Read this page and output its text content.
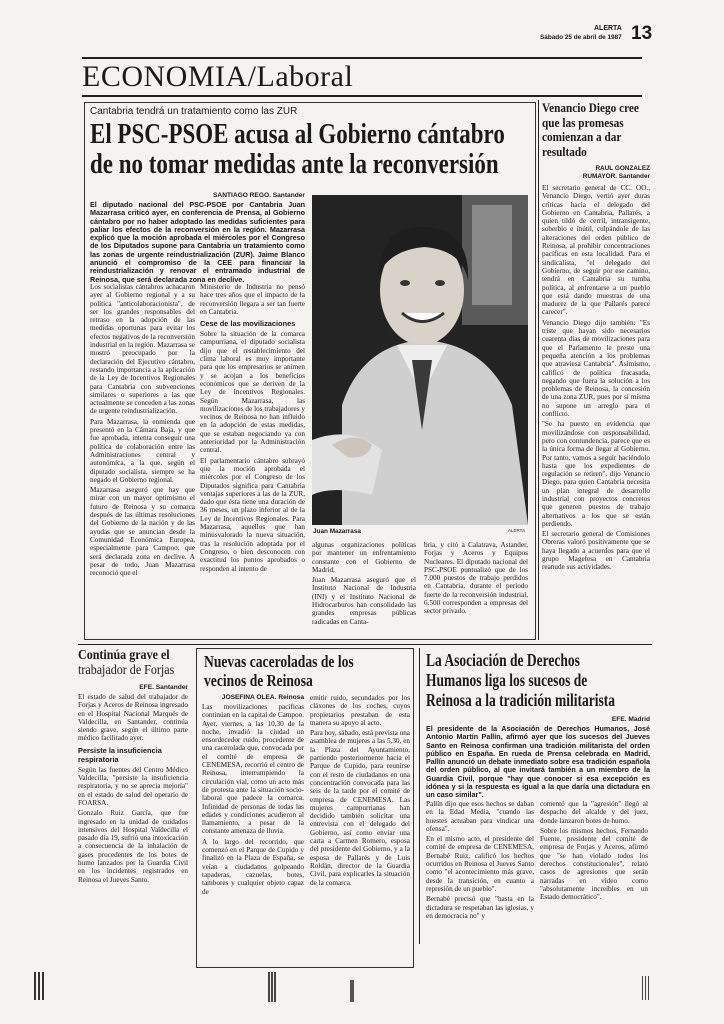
ALERTA
Sábado 25 de abril de 1987 13
ECONOMIA/Laboral
Cantabria tendrá un tratamiento como las ZUR
El PSC-PSOE acusa al Gobierno cántabro
de no tomar medidas ante la reconversión
SANTIAGO REGO. Santander

El diputado nacional del PSC-PSOE por Cantabria Juan Mazarrasa criticó ayer, en conferencia de Prensa, al Gobierno cántabro por no haber adoptado las medidas suficientes para paliar los efectos de la reconversión en la región. Mazarrasa explicó que la moción aprobada el miércoles por el Congreso de los Diputados supone para Cantabria un tratamiento como las zonas de urgente reindustrialización (ZUR). Jaime Blanco anunció el compromiso de la CEE para financiar la reindustrialización y renovar el entramado industrial de Reinosa, que será declarada zona en declive.

Los socialistas cántabros achacaron ayer al Gobierno regional y a su política "anticolaboracionista", de ser los grandes responsables del retraso en la adopción de las medidas oportunas para evitar los efectos negativos de la reconversión industrial en la región. Mazarrasa se mostró preocupado por la declaración del Ejecutivo cántabro, restando importancia a la aplicación de la Ley de Incentivos Regionales para Cantabria con subvenciones similares o superiores a las que actualmente se conceden a las zonas de urgente reindustrialización.

Para Mazarrasa, la enmienda que presentó en la Cámara Baja, y que fue aprobada, intenta conseguir una política de colaboración entre las Administraciones central y autonómica, a la que, según el diputado socialista, siempre se ha negado el Gobierno regional.

Mazarrasa aseguró que hay que mirar con un mayor optimismo el futuro de Reinosa y su comarca después de las últimas resoluciones del Gobierno de la nación y de las ayudas que se anuncian desde la Comunidad Económica Europea, especialmente para Campoo, que será declarada zona en declive. A pesar de todo, Juan Mazarrasa reconoció que el

Ministerio de Industria no pensó hace tres años que el impacto de la reconversión llegara a ser tan fuerte en Cantabria.

Cese de las movilizaciones

Sobre la situación de la comarca campurriana, el diputado socialista dijo que el restablecimiento del clima laboral es muy importante para que los empresarios se animen y se acojan a los beneficios económicos que se deriven de la Ley de Incentivos Regionales. Según Mazarrasa, las movilizaciones de los trabajadores y vecinos de Reinosa no han influido en la adopción de estas medidas, que se estaban negociando ya con anterioridad por la Administración central.

El parlamentario cántabro subrayó que la moción aprobada el miércoles por el Congreso de los Diputados significa para Cantabria ventajas superiores a las de la ZUR, dado que ésta tiene una duración de 36 meses, un plazo inferior al de la Ley de Incentivos Regionales. Para Mazarrasa, aquellos que han minusvalorado la nueva situación, tras la resolución adoptada por el Congreso, o bien desconocen con exactitud los puntos aprobados o responden al intento de

Juan Mazarrasa	ALERTA

algunas organizaciones políticas por mantener un enfrentamiento constante con el Gobierno de Madrid.

Juan Mazarrasa aseguró que el Instituto Nacional de Industria (INI) y el Instituto Nacional de Hidrocarburos han consolidado las grandes empresas públicas radicadas en Canta-

bria, y citó a Calatrava, Astander, Forjas y Aceros y Equipos Nucleares. El diputado nacional del PSC-PSOE puntualizó que de los 7.000 puestos de trabajo perdidos en Cantabria, durante el período fuerte de la reconversión industrial, 6.500 corresponden a empresas del sector privado.

Venancio Diego cree que las promesas comienzan a dar resultado
RAUL GONZALEZ
RUMAYOR. Santander

El secretario general de CC. OO., Venancio Diego, vertió ayer duras críticas hacia el delegado del Gobierno en Cantabria, Pallarés, a quien tildó de cerril, intransigente, soberbio e inútil, culpándole de las alteraciones del orden público de Reinosa, al prohibir concentraciones pacíficas en esta localidad. Para el sindicalista, "el delegado del Gobierno, de seguir por ese camino, tendrá en Cantabria su tumba política, al enfrentarse a un pueblo que está dando muestras de una madurez de la que Pallarés parece carecer".

Venancio Diego dijo también: "Es triste que hayan sido necesarios cuarenta días de movilizaciones para que el Parlamento le preste una pequeña atención a los problemas que atraviesa Cantabria". Asimismo, calificó de política fracasada, negando que fuera la solución a los problemas de Reinosa, la concesión de una zona ZUR, pues por sí misma no supone un arreglo para el conflicto.

"Se ha puesto en evidencia que movilizándose con responsabilidad, pero con contundencia, parece que es la única forma de llegar al Gobierno. Por tanto, vamos a seguir haciéndolo hasta que los expedientes de regulación se retiren", dijo Venancio Diego, para quien Cantabria necesita un plan integral de desarrollo industrial con proyectos concretos que generen puestos de trabajo alternativos a los que se están perdiendo.

El secretario general de Comisiones Obreras valoró positivamente que se haya llegado a acuerdos para que el grupo Magefesa en Cantabria reanude sus actividades.

Continúa grave el
trabajador de Forjas
EFE. Santander

El estado de salud del trabajador de Forjas y Aceros de Reinosa ingresado en el Hospital Nacional Marqués de Valdecilla, en Santander, continúa siendo grave, según el último parte médico facilitado ayer.

Persiste la insuficiencia respiratoria

Según las fuentes del Centro Médico Valdecilla, "persiste la insuficiencia respiratoria, y no se aprecia mejoría" en el estado de salud del operario de FOARSA.

Gonzalo Ruiz García, que fue ingresado en la unidad de cuidados intensivos del Hospital Valdecilla el pasado día 19, sufrió una intoxicación a consecuencia de la inhalación de gases procedentes de los botes de humo lanzados por la Guardia Civil en los incidentes registrados en Reinosa el Jueves Santo.

Nuevas caceroladas de los
vecinos de Reinosa
JOSEFINA OLEA. Reinosa

Las movilizaciones pacíficas continúan en la capital de Campoo. Ayer, viernes, a las 10,30 de la noche, invadió la ciudad un ensordecedor ruido, procedente de una cacerolada que, convocada por el comité de empresa de CENEMESA, recorrió el centro de Reinosa, interrumpiendo la circulación vial, como un acto más de protesta ante la situación socio-laboral que padece la comarca. Infinidad de personas de todas las edades y condiciones acudieron al llamamiento, a pesar de la constante amenaza de lluvia.

A lo largo del recorrido, que comenzó en el Parque de Cupido y finalizó en la Plaza de España, se veían a ciudadanos golpeando tapaderas, cazuelas, botes, tambores y cualquier objeto capaz de

emitir ruido, secundados por los cláxones de los coches, cuyos propietarios prestaban de esta manera su apoyo al acto.

Para hoy, sábado, está prevista una asamblea de mujeres a las 5,30, en la Plaza del Ayuntamiento, partiendo posteriormente hacia el Parque de Cupido, para reunirse con el resto de ciudadanos en una concentración convocada para las seis de la tarde por el comité de empresa de CENEMESA. Las mujeres campurrianas han decidido también solicitar una entrevista con el delegado del Gobierno, así como enviar una carta a Carmen Romero, esposa del presidente del Gobierno, y a la esposa de Pallarés y de Luis Roldán, director de la Guardia Civil, para explicarles la situación de la comarca.

La Asociación de Derechos
Humanos liga los sucesos de
Reinosa a la tradición militarista
EFE. Madrid

El presidente de la Asociación de Derechos Humanos, José Antonio Martín Pallín, afirmó ayer que los sucesos del Jueves Santo en Reinosa confirman una tradición militarista del orden público en España. En rueda de Prensa celebrada en Madrid, Pallín anunció un debate inmediato sobre esa tradición española del orden público, al que invitará también a un miembro de la Guardia Civil, porque "hay que conocer si esa excepción es idónea y si la respuesta es igual a la que daría una dictadura en un caso similar".

Pallín dijo que esos hechos se daban en la Edad Media, "cuando las huestes actuaban para vindicar una ofensa".

En el mismo acto, el presidente del comité de empresa de CENEMESA, Bernabé Ruiz, calificó los hechos ocurridos en Reinosa el Jueves Santo como "el acontecimiento más grave, desde la transición, en cuanto a represión de un pueblo".

Bernabé precisó que "hasta en la dictadura se respetaban las iglesias, y en democracia no" y

comentó que la "agresión" llegó al despacho del alcalde y del juez, donde lanzaron botes de humo.

Sobre los mismos hechos, Fernando Fuente, presidente del comité de empresa de Forjas y Aceros, afirmó que "se han violado todos los derechos constitucionales", relató casos de agresiones que serán narradas en vídeo como "absolutamente increíbles en un Estado democrático".
